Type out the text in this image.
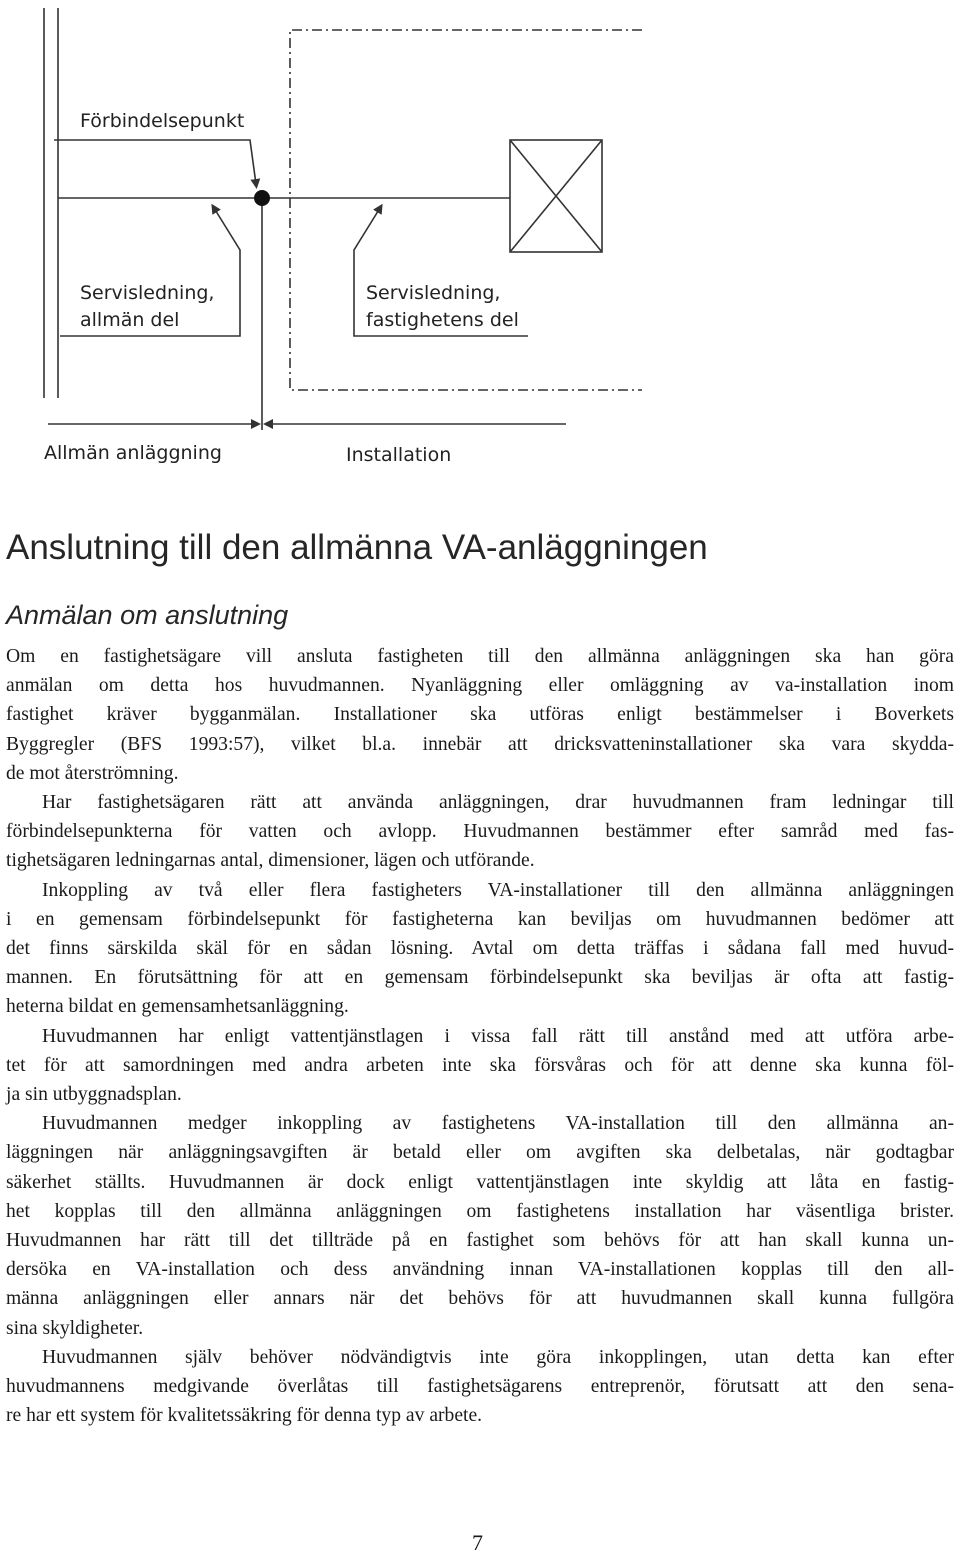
Förbindelsepunkt
Servisledning,
allmän del
Servisledning,
fastighetens del
Allmän anläggning	Installation
Anslutning till den allmänna VA-anläggningen
Anmälan om anslutning
Om en fastighetsägare vill ansluta fastigheten till den allmänna anläggningen ska han göra
anmälan om detta hos huvudmannen. Nyanläggning eller omläggning av va-installation inom
fastighet kräver bygganmälan. Installationer ska utföras enligt bestämmelser i Boverkets
Byggregler (BFS 1993:57), vilket bl.a. innebär att dricksvatteninstallationer ska vara skydda-
de mot återströmning.
Har fastighetsägaren rätt att använda anläggningen, drar huvudmannen fram ledningar till
förbindelsepunkterna för vatten och avlopp. Huvudmannen bestämmer efter samråd med fas-
tighetsägaren ledningarnas antal, dimensioner, lägen och utförande.
Inkoppling av två eller flera fastigheters VA-installationer till den allmänna anläggningen
i en gemensam förbindelsepunkt för fastigheterna kan beviljas om huvudmannen bedömer att
det finns särskilda skäl för en sådan lösning. Avtal om detta träffas i sådana fall med huvud-
mannen. En förutsättning för att en gemensam förbindelsepunkt ska beviljas är ofta att fastig-
heterna bildat en gemensamhetsanläggning.
Huvudmannen har enligt vattentjänstlagen i vissa fall rätt till anstånd med att utföra arbe-
tet för att samordningen med andra arbeten inte ska försvåras och för att denne ska kunna föl-
ja sin utbyggnadsplan.
Huvudmannen medger inkoppling av fastighetens VA-installation till den allmänna an-
läggningen när anläggningsavgiften är betald eller om avgiften ska delbetalas, när godtagbar
säkerhet ställts. Huvudmannen är dock enligt vattentjänstlagen inte skyldig att låta en fastig-
het kopplas till den allmänna anläggningen om fastighetens installation har väsentliga brister.
Huvudmannen har rätt till det tillträde på en fastighet som behövs för att han skall kunna un-
dersöka en VA-installation och dess användning innan VA-installationen kopplas till den all-
männa anläggningen eller annars när det behövs för att huvudmannen skall kunna fullgöra
sina skyldigheter.
Huvudmannen själv behöver nödvändigtvis inte göra inkopplingen, utan detta kan efter
huvudmannens medgivande överlåtas till fastighetsägarens entreprenör, förutsatt att den sena-
re har ett system för kvalitetssäkring för denna typ av arbete.
7
